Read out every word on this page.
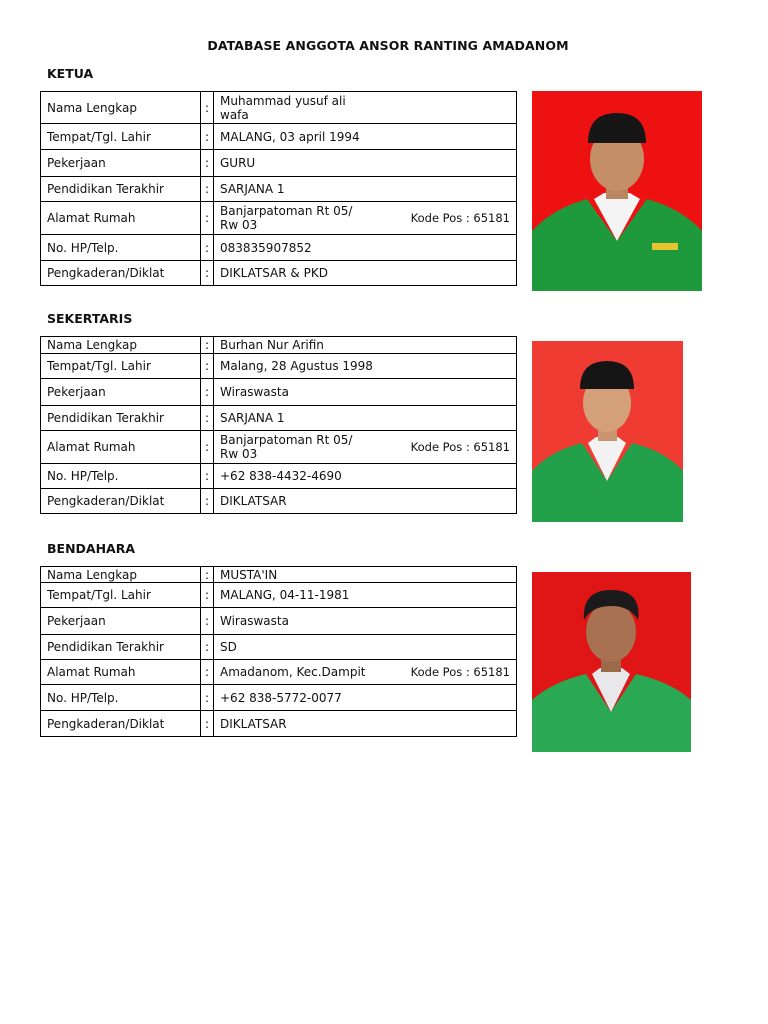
DATABASE ANGGOTA ANSOR RANTING AMADANOM
KETUA
Nama Lengkap	:	Muhammad yusuf ali wafa

Tempat/Tgl. Lahir	:	MALANG, 03 april 1994
Pekerjaan	:	GURU
Pendidikan Terakhir	:	SARJANA 1
Alamat Rumah	:	Banjarpatoman Rt 05/ Rw 03 Kode Pos : 65181

No. HP/Telp.	:	083835907852
Pengkaderan/Diklat	:	DIKLATSAR & PKD
SEKERTARIS
Nama Lengkap	:	Burhan Nur Arifin
Tempat/Tgl. Lahir	:	Malang, 28 Agustus 1998
Pekerjaan	:	Wiraswasta
Pendidikan Terakhir	:	SARJANA 1
Alamat Rumah	:	Banjarpatoman Rt 05/ Rw 03 Kode Pos : 65181

No. HP/Telp.	:	+62 838-4432-4690
Pengkaderan/Diklat	:	DIKLATSAR
BENDAHARA
Nama Lengkap	:	MUSTA'IN
Tempat/Tgl. Lahir	:	MALANG, 04-11-1981
Pekerjaan	:	Wiraswasta
Pendidikan Terakhir	:	SD
Alamat Rumah	:	Amadanom, Kec.Dampit Kode Pos : 65181

No. HP/Telp.	:	+62 838-5772-0077
Pengkaderan/Diklat	:	DIKLATSAR
